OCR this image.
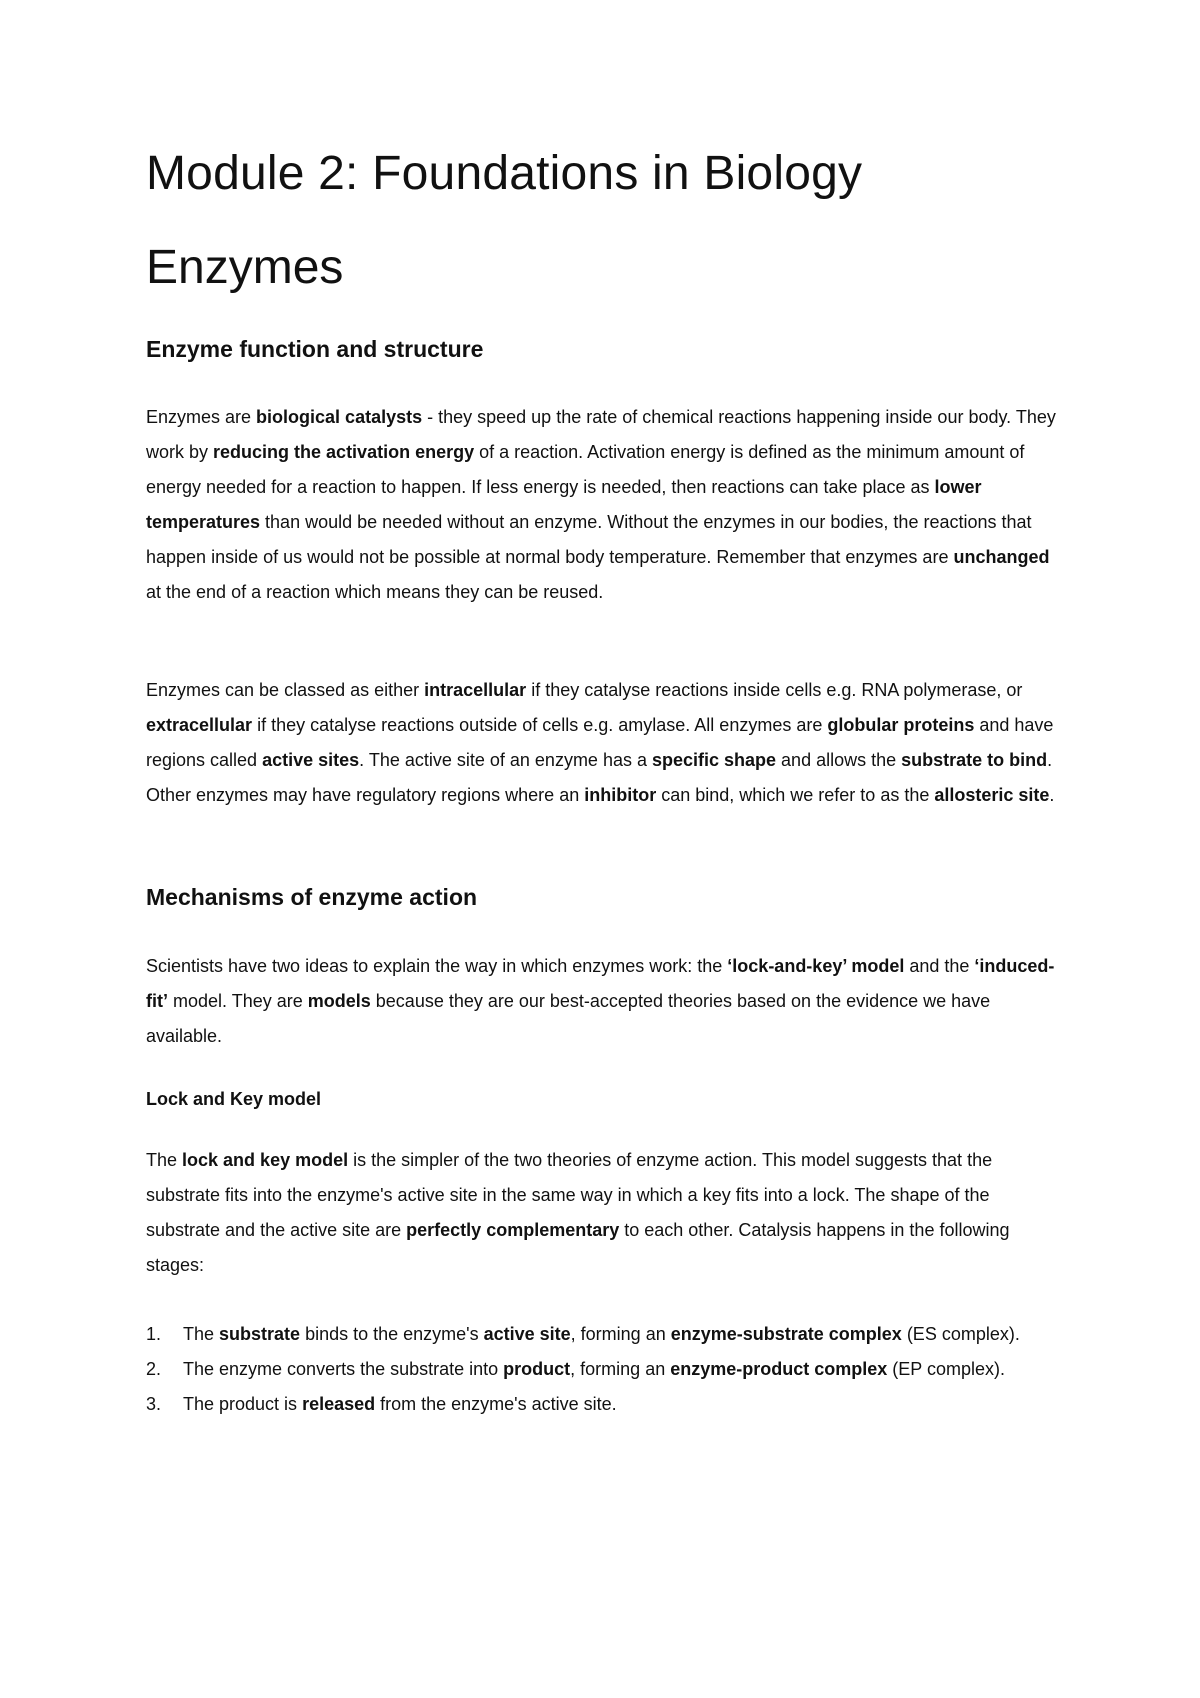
Module 2: Foundations in Biology
Enzymes
Enzyme function and structure

Enzymes are biological catalysts - they speed up the rate of chemical reactions happening inside our body. They work by reducing the activation energy of a reaction. Activation energy is defined as the minimum amount of energy needed for a reaction to happen. If less energy is needed, then reactions can take place as lower temperatures than would be needed without an enzyme. Without the enzymes in our bodies, the reactions that happen inside of us would not be possible at normal body temperature. Remember that enzymes are unchanged at the end of a reaction which means they can be reused.

Enzymes can be classed as either intracellular if they catalyse reactions inside cells e.g. RNA polymerase, or extracellular if they catalyse reactions outside of cells e.g. amylase. All enzymes are globular proteins and have regions called active sites. The active site of an enzyme has a specific shape and allows the substrate to bind. Other enzymes may have regulatory regions where an inhibitor can bind, which we refer to as the allosteric site.

Mechanisms of enzyme action

Scientists have two ideas to explain the way in which enzymes work: the ‘lock-and-key’ model and the ‘induced-fit’ model. They are models because they are our best-accepted theories based on the evidence we have available.

Lock and Key model

The lock and key model is the simpler of the two theories of enzyme action. This model suggests that the substrate fits into the enzyme's active site in the same way in which a key fits into a lock. The shape of the substrate and the active site are perfectly complementary to each other. Catalysis happens in the following stages:

1. The substrate binds to the enzyme's active site, forming an enzyme-substrate complex (ES complex).
2. The enzyme converts the substrate into product, forming an enzyme-product complex (EP complex).
3. The product is released from the enzyme's active site.
